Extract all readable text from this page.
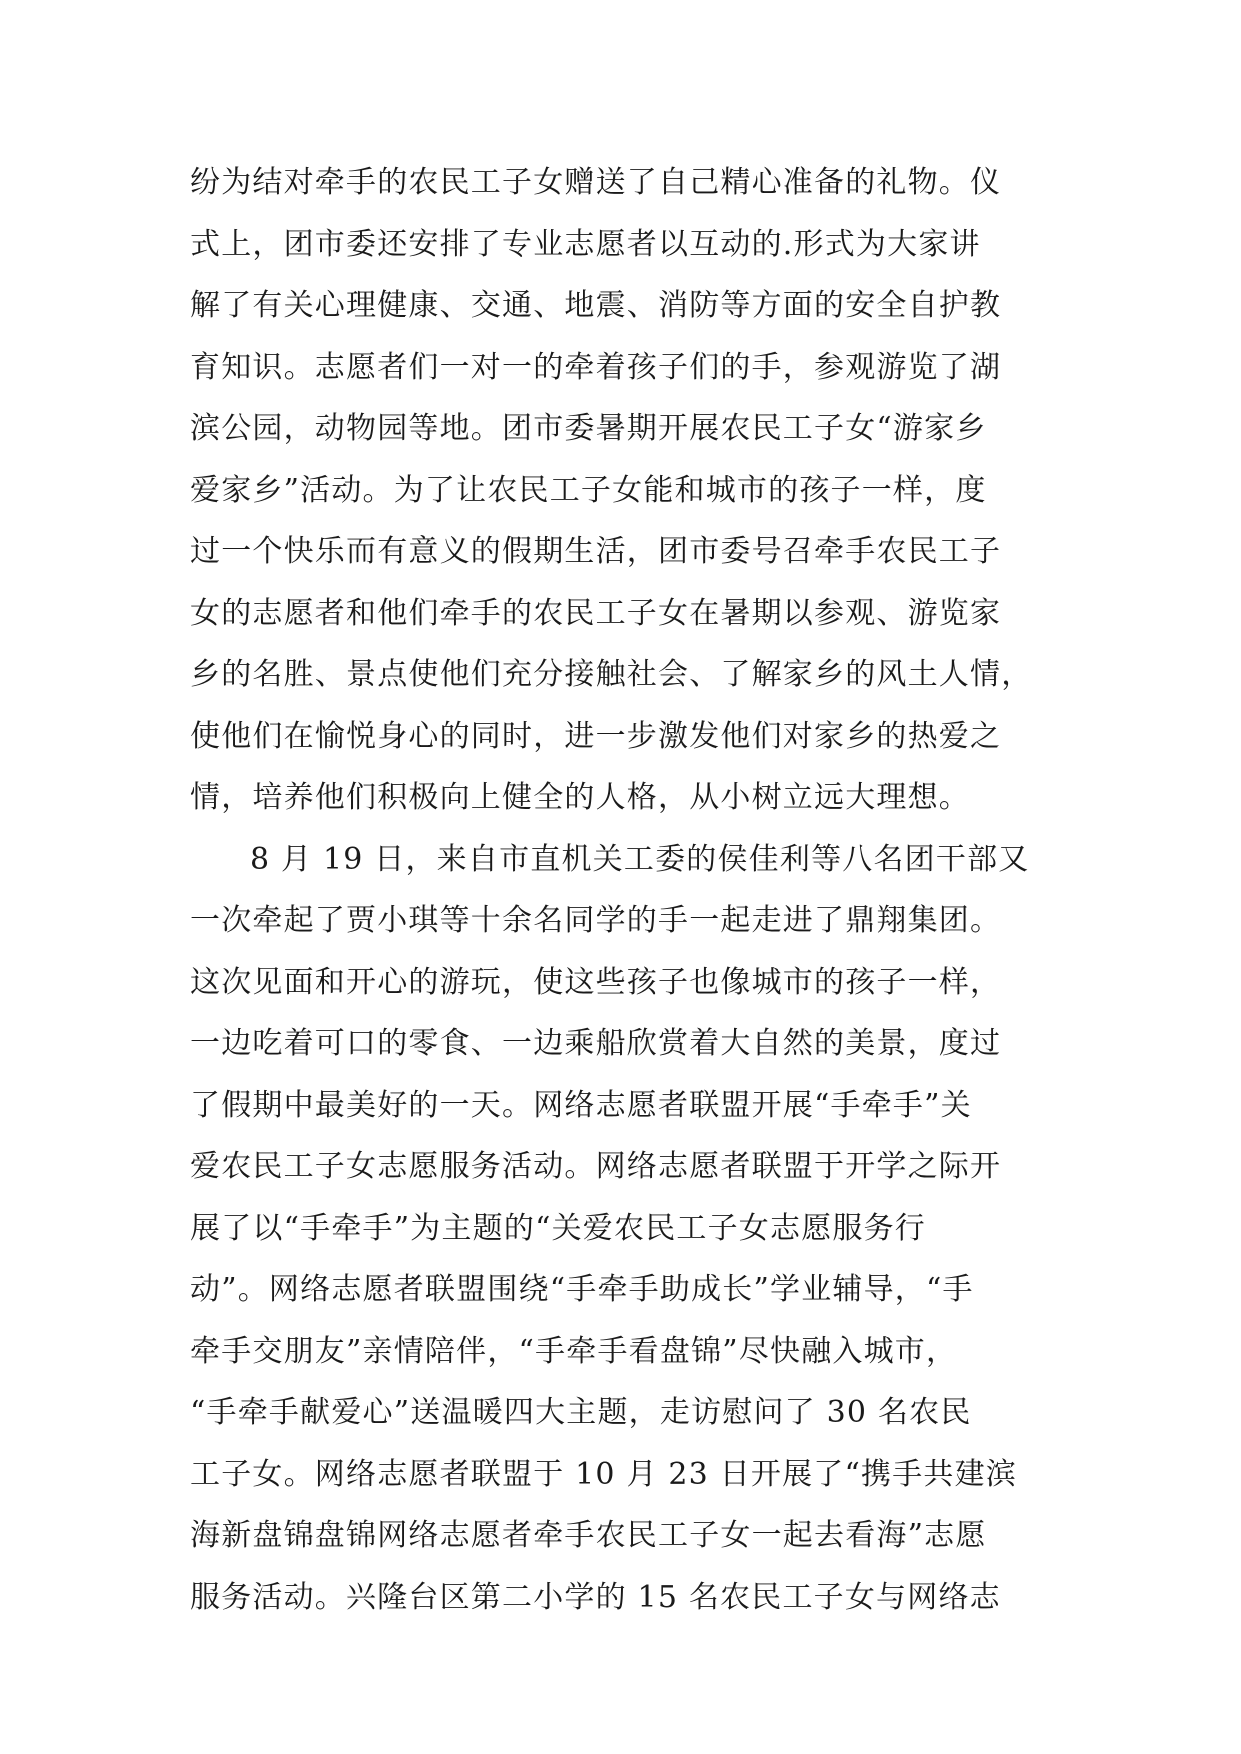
纷为结对牵手的农民工子女赠送了自己精心准备的礼物。仪
式上，团市委还安排了专业志愿者以互动的.形式为大家讲
解了有关心理健康、交通、地震、消防等方面的安全自护教
育知识。志愿者们一对一的牵着孩子们的手，参观游览了湖
滨公园，动物园等地。团市委暑期开展农民工子女“游家乡
爱家乡”活动。为了让农民工子女能和城市的孩子一样，度
过一个快乐而有意义的假期生活，团市委号召牵手农民工子
女的志愿者和他们牵手的农民工子女在暑期以参观、游览家
乡的名胜、景点使他们充分接触社会、了解家乡的风土人情，
使他们在愉悦身心的同时，进一步激发他们对家乡的热爱之
情，培养他们积极向上健全的人格，从小树立远大理想。
8 月 19 日，来自市直机关工委的侯佳利等八名团干部又
一次牵起了贾小琪等十余名同学的手一起走进了鼎翔集团。
这次见面和开心的游玩，使这些孩子也像城市的孩子一样，
一边吃着可口的零食、一边乘船欣赏着大自然的美景，度过
了假期中最美好的一天。网络志愿者联盟开展“手牵手”关
爱农民工子女志愿服务活动。网络志愿者联盟于开学之际开
展了以“手牵手”为主题的“关爱农民工子女志愿服务行
动”。网络志愿者联盟围绕“手牵手助成长”学业辅导，“手
牵手交朋友”亲情陪伴，“手牵手看盘锦”尽快融入城市，
“手牵手献爱心”送温暖四大主题，走访慰问了 30 名农民
工子女。网络志愿者联盟于 10 月 23 日开展了“携手共建滨
海新盘锦盘锦网络志愿者牵手农民工子女一起去看海”志愿
服务活动。兴隆台区第二小学的 15 名农民工子女与网络志
